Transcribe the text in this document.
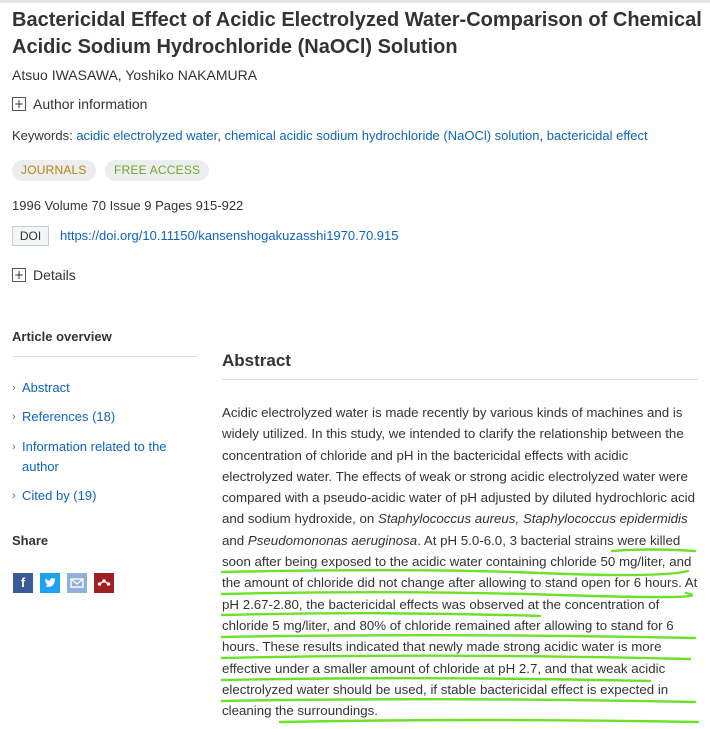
Bactericidal Effect of Acidic Electrolyzed Water-Comparison of Chemical Acidic Sodium Hydrochloride (NaOCl) Solution
Atsuo IWASAWA, Yoshiko NAKAMURA
+ Author information
Keywords: acidic electrolyzed water, chemical acidic sodium hydrochloride (NaOCl) solution, bactericidal effect
JOURNALS	FREE ACCESS
1996 Volume 70 Issue 9 Pages 915-922
DOI	https://doi.org/10.11150/kansenshogakuzasshi1970.70.915
+ Details
Article overview
› Abstract
› References (18)
› Information related to the author
› Cited by (19)
Share
f
Abstract

Acidic electrolyzed water is made recently by various kinds of machines and is widely utilized. In this study, we intended to clarify the relationship between the concentration of chloride and pH in the bactericidal effects with acidic electrolyzed water. The effects of weak or strong acidic electrolyzed water were compared with a pseudo-acidic water of pH adjusted by diluted hydrochloric acid and sodium hydroxide, on Staphylococcus aureus, Staphylococcus epidermidis and Pseudomononas aeruginosa. At pH 5.0-6.0, 3 bacterial strains were killed soon after being exposed to the acidic water containing chloride 50 mg/liter, and the amount of chloride did not change after allowing to stand open for 6 hours. At pH 2.67-2.80, the bactericidal effects was observed at the concentration of chloride 5 mg/liter, and 80% of chloride remained after allowing to stand for 6 hours. These results indicated that newly made strong acidic water is more effective under a smaller amount of chloride at pH 2.7, and that weak acidic electrolyzed water should be used, if stable bactericidal effect is expected in cleaning the surroundings.
